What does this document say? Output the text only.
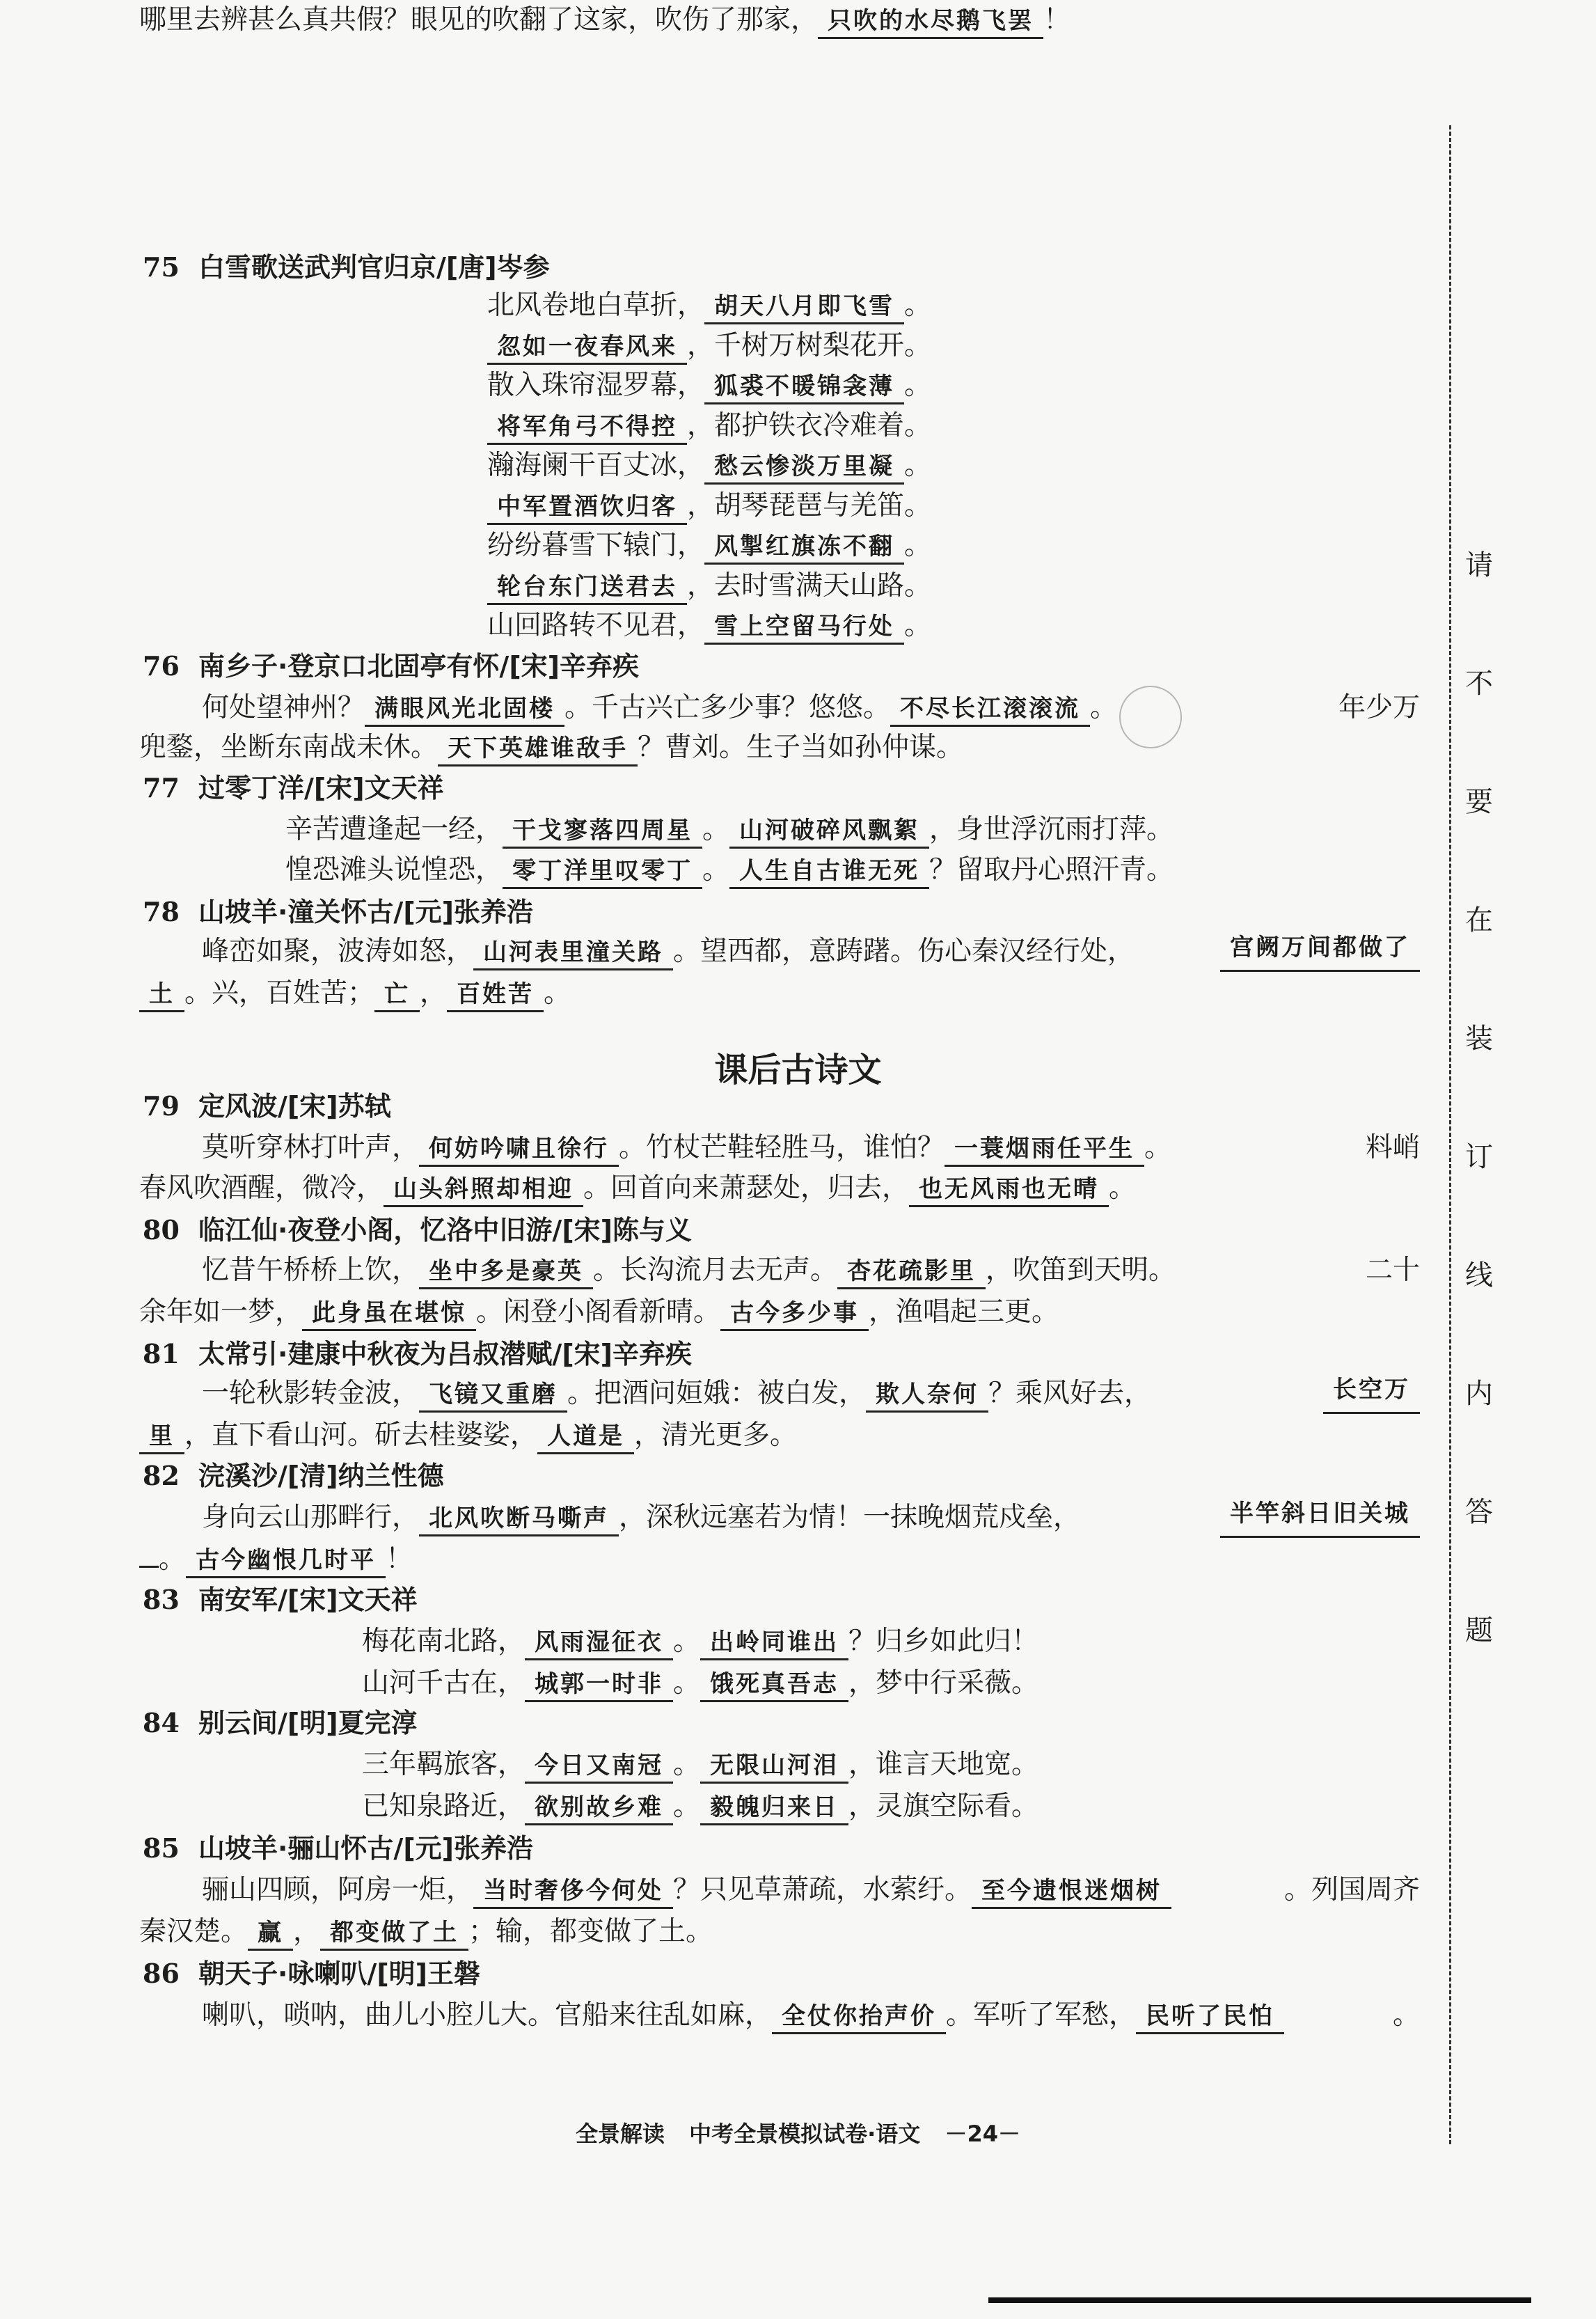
75 白雪歌送武判官归京/[唐]岑参
北风卷地白草折， 胡天八月即飞雪 。
忽如一夜春风来 ，千树万树梨花开。
散入珠帘湿罗幕， 狐裘不暖锦衾薄 。
将军角弓不得控 ，都护铁衣冷难着。
瀚海阑干百丈冰， 愁云惨淡万里凝 。
中军置酒饮归客 ，胡琴琵琶与羌笛。
纷纷暮雪下辕门， 风掣红旗冻不翻 。
轮台东门送君去 ，去时雪满天山路。
山回路转不见君， 雪上空留马行处 。
76 南乡子·登京口北固亭有怀/[宋]辛弃疾
何处望神州？ 满眼风光北固楼 。千古兴亡多少事？悠悠。 不尽长江滚滚流 。	年少万
兜鍪，坐断东南战未休。 天下英雄谁敌手 ？曹刘。生子当如孙仲谋。
77 过零丁洋/[宋]文天祥
辛苦遭逢起一经， 干戈寥落四周星 。 山河破碎风飘絮 ，身世浮沉雨打萍。
惶恐滩头说惶恐， 零丁洋里叹零丁 。 人生自古谁无死 ？留取丹心照汗青。
78 山坡羊·潼关怀古/[元]张养浩
峰峦如聚，波涛如怒， 山河表里潼关路 。望西都，意踌躇。伤心秦汉经行处，	宫阙万间都做了
土 。兴，百姓苦； 亡 ， 百姓苦 。
课后古诗文
79 定风波/[宋]苏轼
莫听穿林打叶声， 何妨吟啸且徐行 。竹杖芒鞋轻胜马，谁怕？ 一蓑烟雨任平生 。	料峭
春风吹酒醒，微冷， 山头斜照却相迎 。回首向来萧瑟处，归去， 也无风雨也无晴 。
80 临江仙·夜登小阁，忆洛中旧游/[宋]陈与义
忆昔午桥桥上饮， 坐中多是豪英 。长沟流月去无声。 杏花疏影里 ，吹笛到天明。	二十
余年如一梦， 此身虽在堪惊 。闲登小阁看新晴。 古今多少事 ，渔唱起三更。
81 太常引·建康中秋夜为吕叔潜赋/[宋]辛弃疾
一轮秋影转金波， 飞镜又重磨 。把酒问姮娥：被白发， 欺人奈何 ？乘风好去，	长空万
里 ，直下看山河。斫去桂婆娑， 人道是 ，清光更多。
82 浣溪沙/[清]纳兰性德
身向云山那畔行， 北风吹断马嘶声 ，深秋远塞若为情！一抹晚烟荒戍垒，	半竿斜日旧关城
。 古今幽恨几时平 ！
83 南安军/[宋]文天祥
梅花南北路， 风雨湿征衣 。 出岭同谁出 ？归乡如此归！
山河千古在， 城郭一时非 。 饿死真吾志 ，梦中行采薇。
84 别云间/[明]夏完淳
三年羁旅客， 今日又南冠 。 无限山河泪 ，谁言天地宽。
已知泉路近， 欲别故乡难 。 毅魄归来日 ，灵旗空际看。
85 山坡羊·骊山怀古/[元]张养浩
骊山四顾，阿房一炬， 当时奢侈今何处 ？只见草萧疏，水萦纡。 至今遗恨迷烟树	。列国周齐
秦汉楚。 赢 ， 都变做了土 ；输，都变做了土。
86 朝天子·咏喇叭/[明]王磐
喇叭，唢呐，曲儿小腔儿大。官船来往乱如麻， 全仗你抬声价 。军听了军愁， 民听了民怕	。
哪里去辨甚么真共假？眼见的吹翻了这家，吹伤了那家， 只吹的水尽鹅飞罢 ！
请
不
要
在
装
订
线
内
答
题
全景解读 中考全景模拟试卷·语文 －24－
